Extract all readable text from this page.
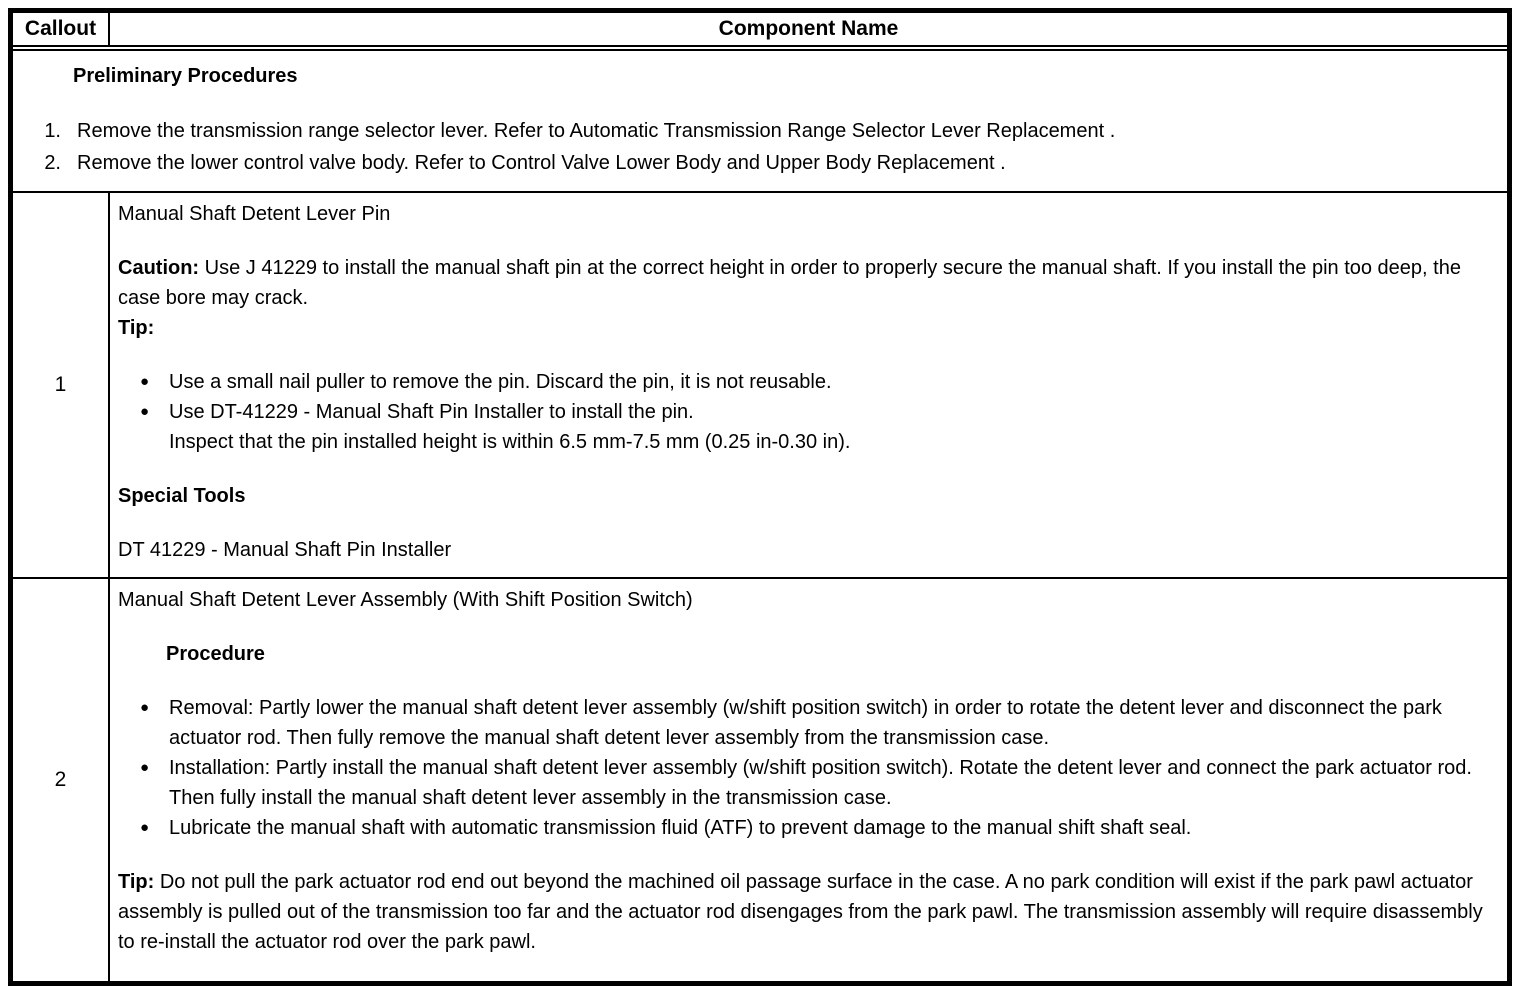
Callout	Component Name
Preliminary Procedures
1. Remove the transmission range selector lever. Refer to Automatic Transmission Range Selector Lever Replacement .
2. Remove the lower control valve body. Refer to Control Valve Lower Body and Upper Body Replacement .
1
Manual Shaft Detent Lever Pin
Caution: Use J 41229 to install the manual shaft pin at the correct height in order to properly secure the manual shaft. If you install the pin too deep, the case bore may crack.
Tip:
● Use a small nail puller to remove the pin. Discard the pin, it is not reusable.
● Use DT-41229 - Manual Shaft Pin Installer to install the pin.
Inspect that the pin installed height is within 6.5 mm-7.5 mm (0.25 in-0.30 in).
Special Tools
DT 41229 - Manual Shaft Pin Installer
2
Manual Shaft Detent Lever Assembly (With Shift Position Switch)
Procedure
● Removal: Partly lower the manual shaft detent lever assembly (w/shift position switch) in order to rotate the detent lever and disconnect the park actuator rod. Then fully remove the manual shaft detent lever assembly from the transmission case.
● Installation: Partly install the manual shaft detent lever assembly (w/shift position switch). Rotate the detent lever and connect the park actuator rod. Then fully install the manual shaft detent lever assembly in the transmission case.
● Lubricate the manual shaft with automatic transmission fluid (ATF) to prevent damage to the manual shift shaft seal.
Tip: Do not pull the park actuator rod end out beyond the machined oil passage surface in the case. A no park condition will exist if the park pawl actuator assembly is pulled out of the transmission too far and the actuator rod disengages from the park pawl. The transmission assembly will require disassembly to re-install the actuator rod over the park pawl.
